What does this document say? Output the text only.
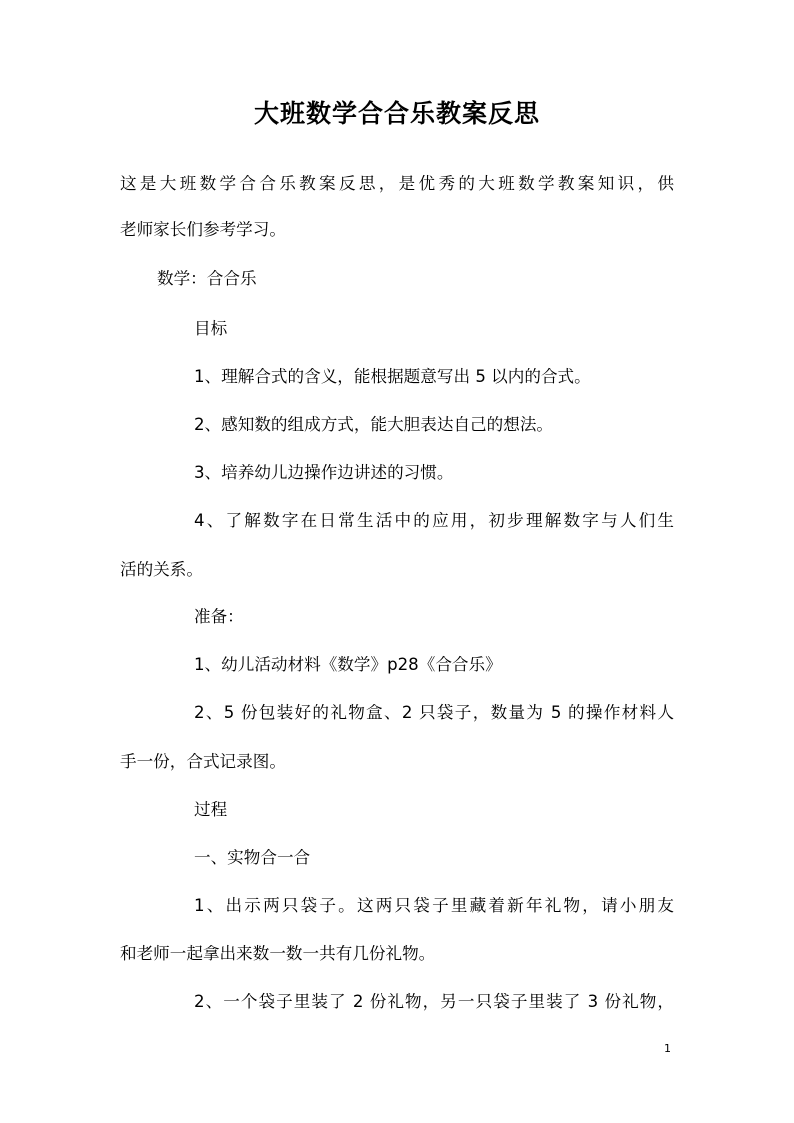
大班数学合合乐教案反思

这是大班数学合合乐教案反思，是优秀的大班数学教案知识，供

老师家长们参考学习。

数学：合合乐

目标

1、理解合式的含义，能根据题意写出 5 以内的合式。

2、感知数的组成方式，能大胆表达自己的想法。

3、培养幼儿边操作边讲述的习惯。

4、了解数字在日常生活中的应用，初步理解数字与人们生

活的关系。

准备：

1、幼儿活动材料《数学》p28《合合乐》

2、5 份包装好的礼物盒、2 只袋子，数量为 5 的操作材料人

手一份，合式记录图。

过程

一、实物合一合

1、出示两只袋子。这两只袋子里藏着新年礼物，请小朋友

和老师一起拿出来数一数一共有几份礼物。

2、一个袋子里装了 2 份礼物，另一只袋子里装了 3 份礼物，

1
